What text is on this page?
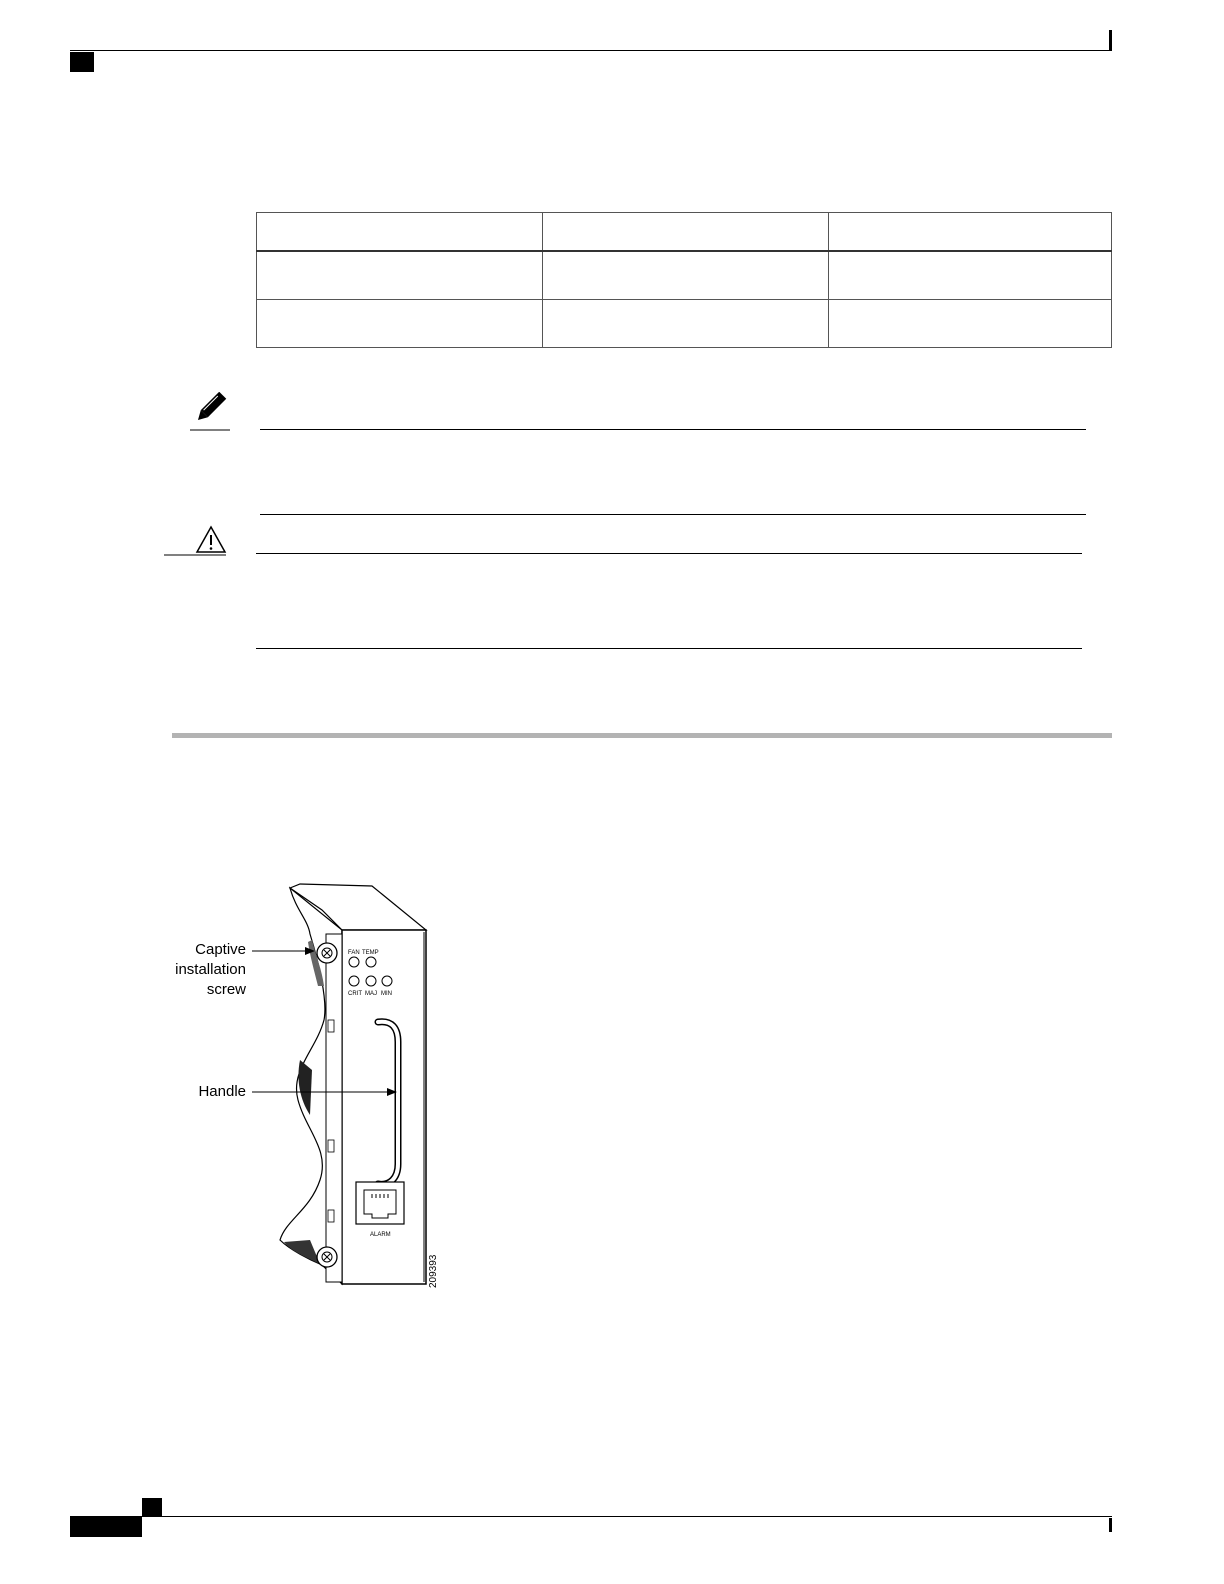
Captive
installation
screw
Handle
FAN TEMP
CRIT MAJ MIN
ALARM
209393
